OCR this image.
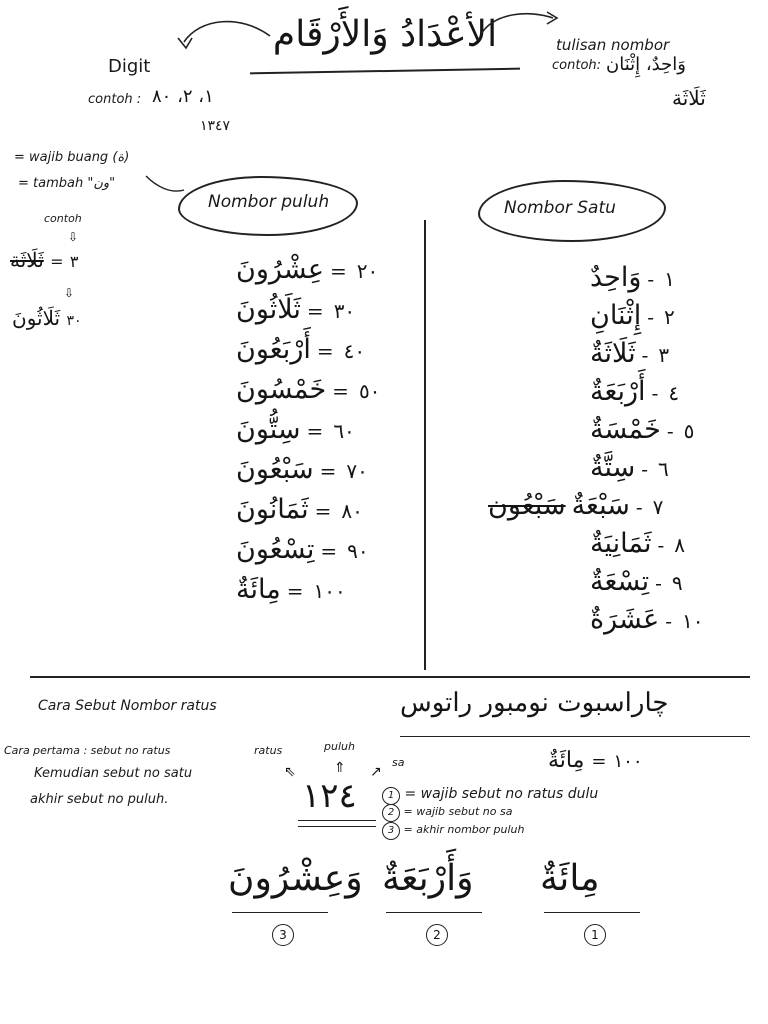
الأعْدَادُ وَالأَرْقَام
Digit
contoh : ١، ٢، ٨٠
١٣٤٧
tulisan nombor
contoh: وَاحِدٌ، إِثْنَان
ثَلَاثَة
= wajib buang (ة)
= tambah "ون"
contoh
⇩
ثَلَاثَة = ٣
⇩
ثَلَاثُونَ ٣٠
Nombor puluh	Nombor Satu
عِشْرُونَ = ٢٠
ثَلَاثُونَ = ٣٠
أَرْبَعُونَ = ٤٠
خَمْسُونَ = ٥٠
سِتُّونَ = ٦٠
سَبْعُونَ = ٧٠
ثَمَانُونَ = ٨٠
تِسْعُونَ = ٩٠
مِائَةٌ = ١٠٠
وَاحِدٌ - ١
إِثْنَانِ - ٢
ثَلَاثَةٌ - ٣
أَرْبَعَةٌ - ٤
خَمْسَةٌ - ٥
سِتَّةٌ - ٦
سَبْعُون سَبْعَةٌ - ٧
ثَمَانِيَةٌ - ٨
تِسْعَةٌ - ٩
عَشَرَةٌ - ١٠
Cara Sebut Nombor ratus	چاراسبوت نومبور راتوس
Cara pertama : sebut no ratus
Kemudian sebut no satu
akhir sebut no puluh.
ratus	puluh
sa
⇖	⇑ ↗
١٢٤
مِائَةٌ = ١٠٠
1 = wajib sebut no ratus dulu
2 = wajib sebut no sa
3 = akhir nombor puluh
مِائَةٌ
1
وَأَرْبَعَةٌ
2
وَعِشْرُونَ
3
